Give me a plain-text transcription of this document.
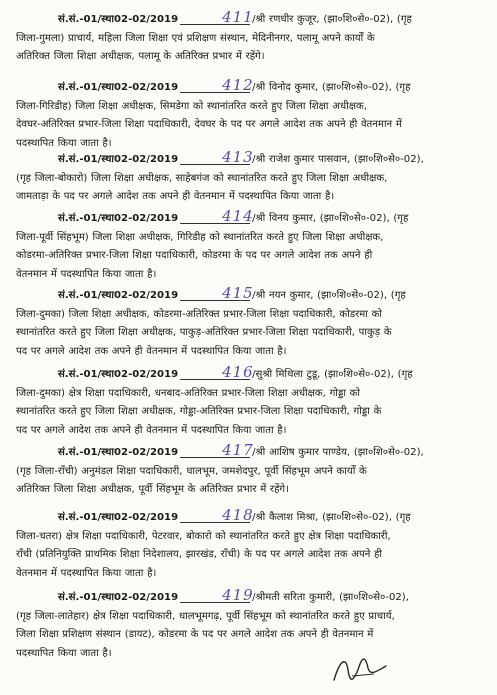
सं.सं.-01/स्था02-02/2019	411/श्री रणधीर कुजूर, (झा०शि०से०-02), (गृह
जिला-गुमला) प्राचार्य, महिला जिला शिक्षा एवं प्रशिक्षण संस्थान, मेदिनीनगर, पलामू अपने कार्यों के
अतिरिक्त जिला शिक्षा अधीक्षक, पलामू के अतिरिक्त प्रभार में रहेंगे।
सं.सं.-01/स्था02-02/2019	412/श्री विनोद कुमार, (झा०शि०से०-02), (गृह
जिला-गिरिडीह) जिला शिक्षा अधीक्षक, सिमडेगा को स्थानांतरित करते हुए जिला शिक्षा अधीक्षक,
देवघर-अतिरिक्त प्रभार-जिला शिक्षा पदाधिकारी, देवघर के पद पर अगले आदेश तक अपने ही वेतनमान में
पदस्थापित किया जाता है।
सं.सं.-01/स्था02-02/2019	413/श्री राजेश कुमार पासवान, (झा०शि०से०-02),
(गृह जिला-बोकारो) जिला शिक्षा अधीक्षक, साहेबगंज को स्थानांतरित करते हुए जिला शिक्षा अधीक्षक,
जामताड़ा के पद पर अगले आदेश तक अपने ही वेतनमान में पदस्थापित किया जाता है।
सं.सं.-01/स्था02-02/2019	414/श्री विनय कुमार, (झा०शि०से०-02), (गृह
जिला-पूर्वी सिंहभूम) जिला शिक्षा अधीक्षक, गिरिडीह को स्थानांतरित करते हुए जिला शिक्षा अधीक्षक,
कोडरमा-अतिरिक्त प्रभार-जिला शिक्षा पदाधिकारी, कोडरमा के पद पर अगले आदेश तक अपने ही
वेतनमान में पदस्थापित किया जाता है।
सं.सं.-01/स्था02-02/2019	415/श्री नयन कुमार, (झा०शि०से०-02), (गृह
जिला-दुमका) जिला शिक्षा अधीक्षक, कोडरमा-अतिरिक्त प्रभार-जिला शिक्षा पदाधिकारी, कोडरमा को
स्थानांतरित करते हुए जिला शिक्षा अधीक्षक, पाकुड़-अतिरिक्त प्रभार-जिला शिक्षा पदाधिकारी, पाकुड़ के
पद पर अगले आदेश तक अपने ही वेतनमान में पदस्थापित किया जाता है।
सं.सं.-01/स्था02-02/2019	416/सुश्री मिथिला टुडू, (झा०शि०से०-02), (गृह
जिला-दुमका) क्षेत्र शिक्षा पदाधिकारी, धनबाद-अतिरिक्त प्रभार-जिला शिक्षा अधीक्षक, गोड्डा को
स्थानांतरित करते हुए जिला शिक्षा अधीक्षक, गोड्डा-अतिरिक्त प्रभार-जिला शिक्षा पदाधिकारी, गोड्डा के
पद पर अगले आदेश तक अपने ही वेतनमान में पदस्थापित किया जाता है।
सं.सं.-01/स्था02-02/2019	417/श्री आशिष कुमार पाण्डेय, (झा०शि०से०-02),
(गृह जिला-राँची) अनुमंडल शिक्षा पदाधिकारी, धालभूम, जमशेदपुर, पूर्वी सिंहभूम अपने कार्यों के
अतिरिक्त जिला शिक्षा अधीक्षक, पूर्वी सिंहभूम के अतिरिक्त प्रभार में रहेंगे।
सं.सं.-01/स्था02-02/2019	418/श्री कैलाश मिश्रा, (झा०शि०से०-02), (गृह
जिला-चतरा) क्षेत्र शिक्षा पदाधिकारी, पेटरवार, बोकारो को स्थानांतरित करते हुए क्षेत्र शिक्षा पदाधिकारी,
राँची (प्रतिनियुक्ति प्राथमिक शिक्षा निदेशालय, झारखंड, राँची) के पद पर अगले आदेश तक अपने ही
वेतनमान में पदस्थापित किया जाता है।
सं.सं.-01/स्था02-02/2019	419/श्रीमती सरिता कुमारी, (झा०शि०से०-02),
(गृह जिला-लातेहार) क्षेत्र शिक्षा पदाधिकारी, धालभूमगढ़, पूर्वी सिंहभूम को स्थानांतरित करते हुए प्राचार्य,
जिला शिक्षा प्रशिक्षण संस्थान (डायट), कोडरमा के पद पर अगले आदेश तक अपने ही वेतनमान में
पदस्थापित किया जाता है।
